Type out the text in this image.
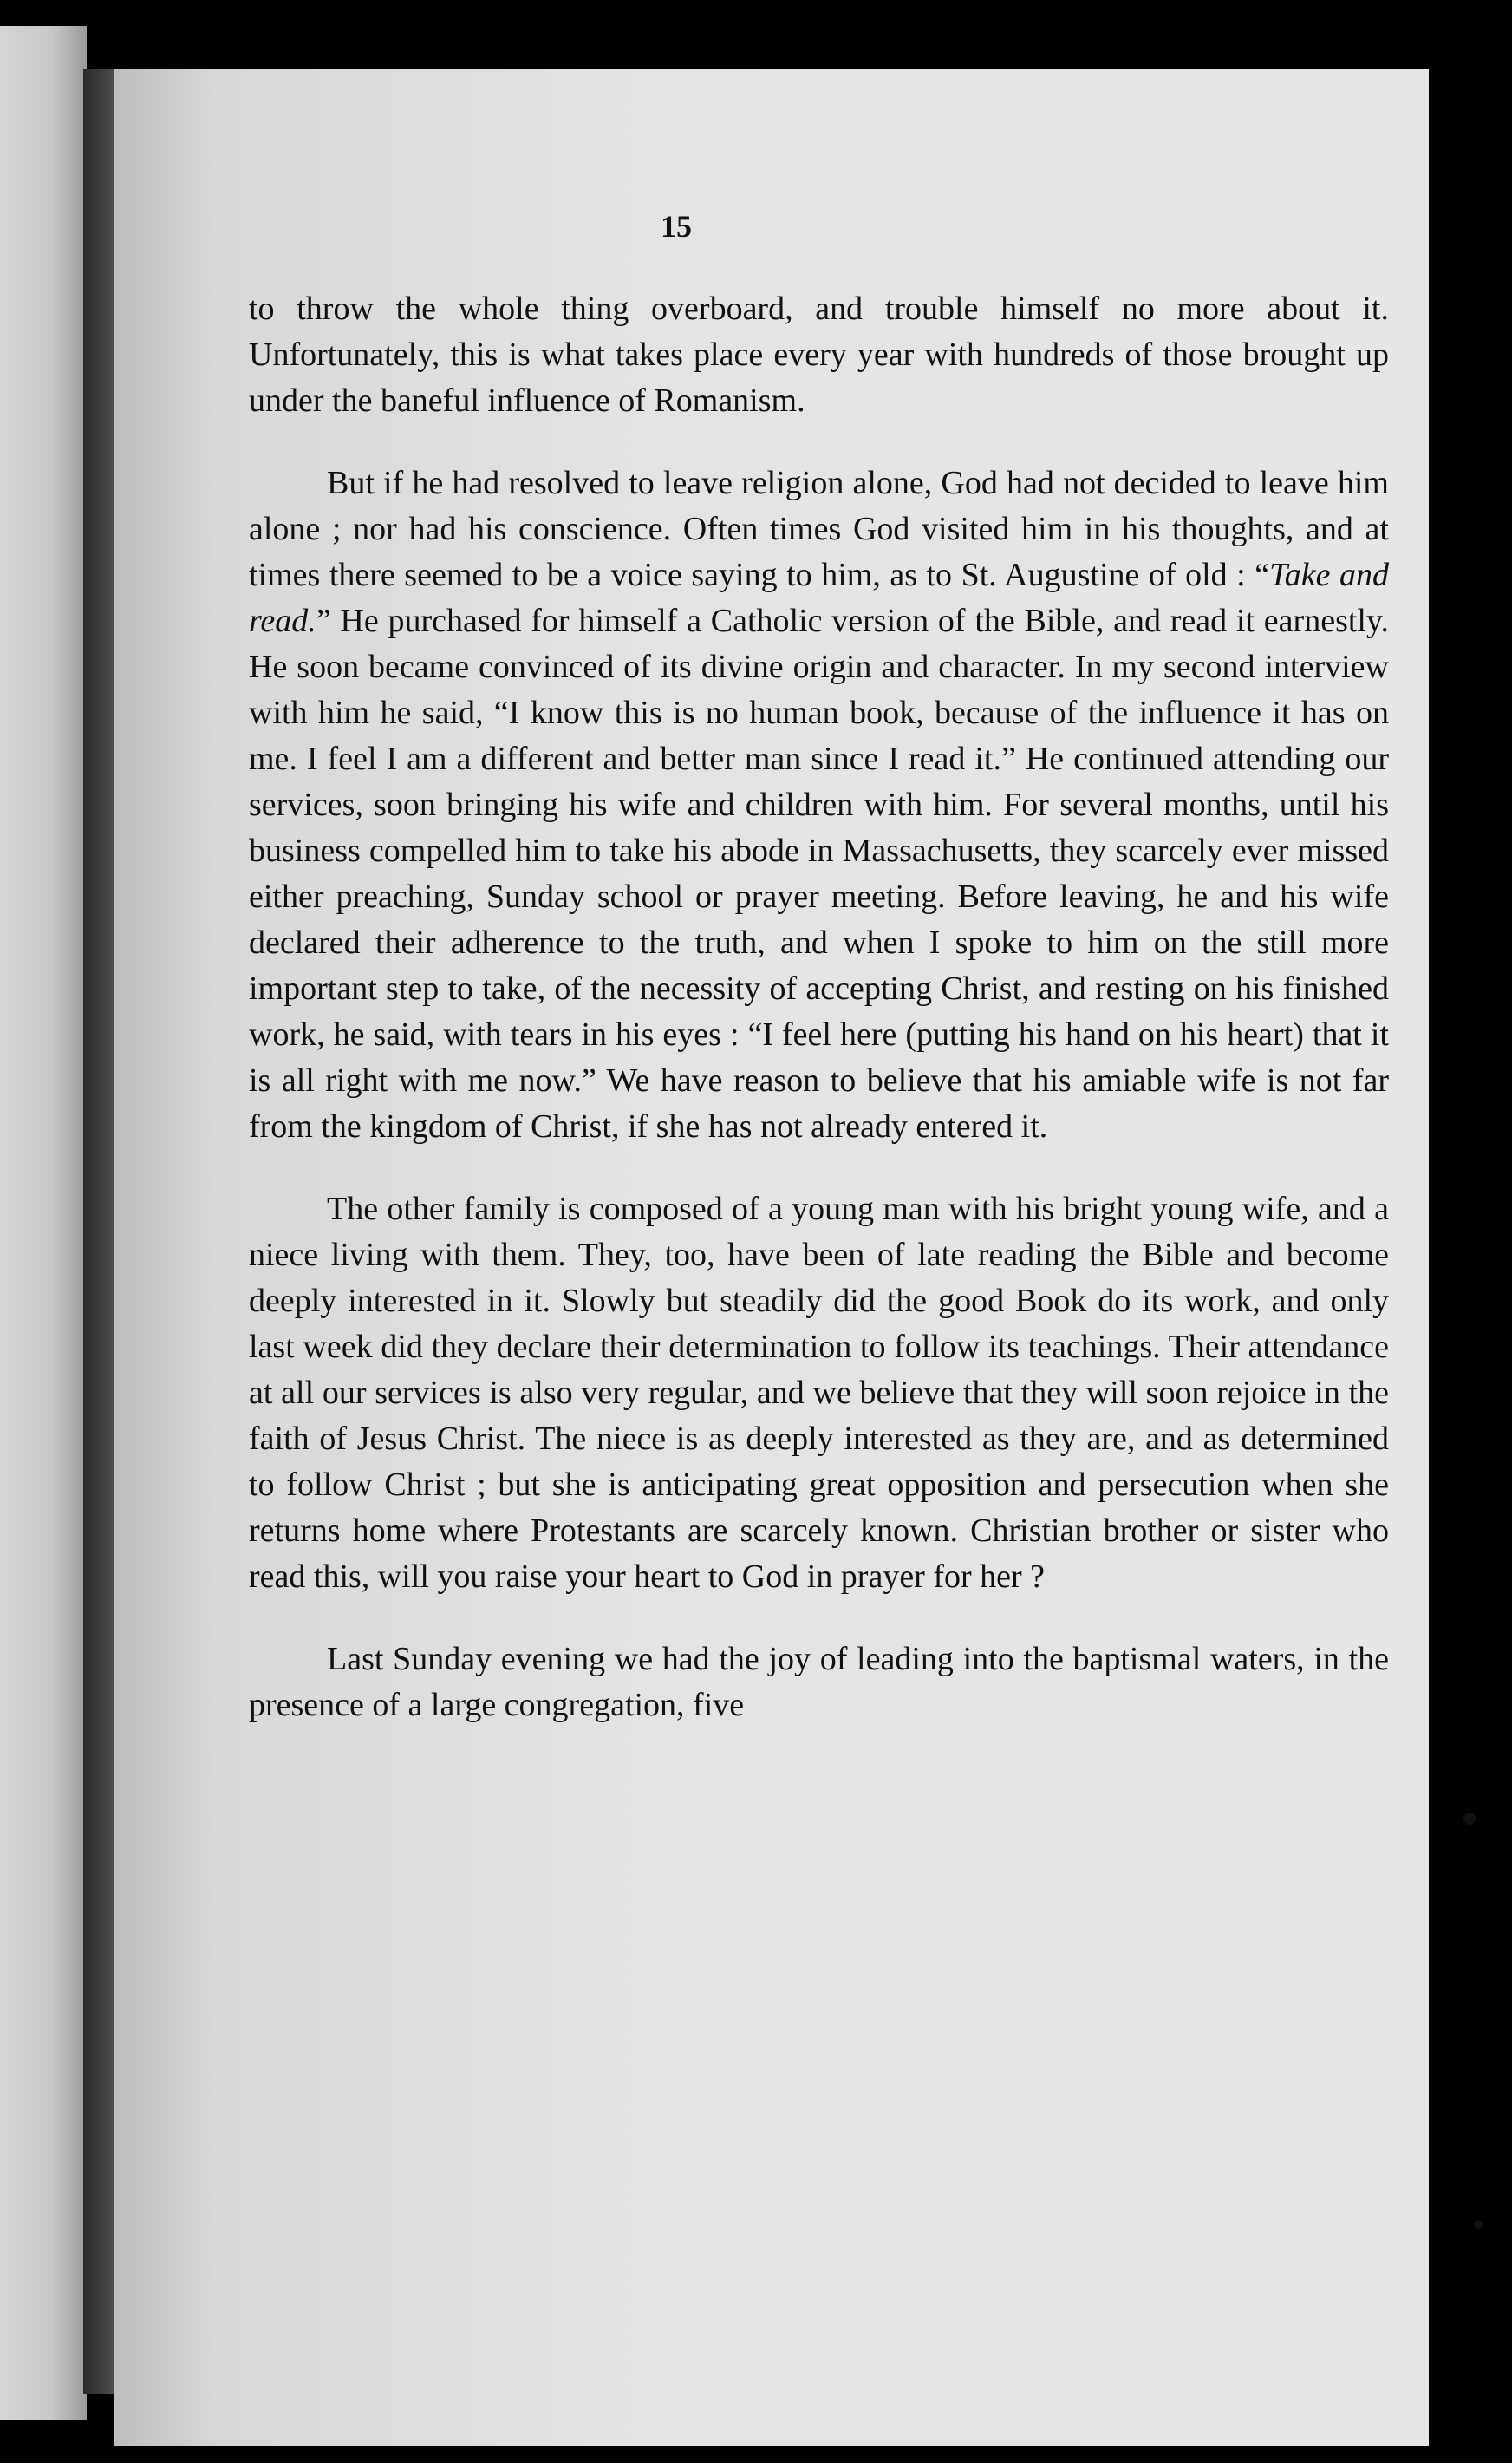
15

to throw the whole thing overboard, and trouble himself no more about it. Unfortunately, this is what takes place every year with hundreds of those brought up under the baneful influence of Romanism.

But if he had resolved to leave religion alone, God had not decided to leave him alone ; nor had his conscience. Often times God visited him in his thoughts, and at times there seemed to be a voice saying to him, as to St. Augustine of old : “Take and read.” He purchased for himself a Catholic version of the Bible, and read it earnestly. He soon became convinced of its divine origin and character. In my second interview with him he said, “I know this is no human book, because of the influence it has on me. I feel I am a different and better man since I read it.” He continued attending our services, soon bringing his wife and children with him. For several months, until his business compelled him to take his abode in Massachusetts, they scarcely ever missed either preaching, Sunday school or prayer meeting. Before leaving, he and his wife declared their adherence to the truth, and when I spoke to him on the still more important step to take, of the necessity of accepting Christ, and resting on his finished work, he said, with tears in his eyes : “I feel here (putting his hand on his heart) that it is all right with me now.” We have reason to believe that his amiable wife is not far from the kingdom of Christ, if she has not already entered it.

The other family is composed of a young man with his bright young wife, and a niece living with them. They, too, have been of late reading the Bible and become deeply interested in it. Slowly but steadily did the good Book do its work, and only last week did they declare their determination to follow its teachings. Their attendance at all our services is also very regular, and we believe that they will soon rejoice in the faith of Jesus Christ. The niece is as deeply interested as they are, and as determined to follow Christ ; but she is anticipating great opposition and persecution when she returns home where Protestants are scarcely known. Christian brother or sister who read this, will you raise your heart to God in prayer for her ?

Last Sunday evening we had the joy of leading into the baptismal waters, in the presence of a large congregation, five
